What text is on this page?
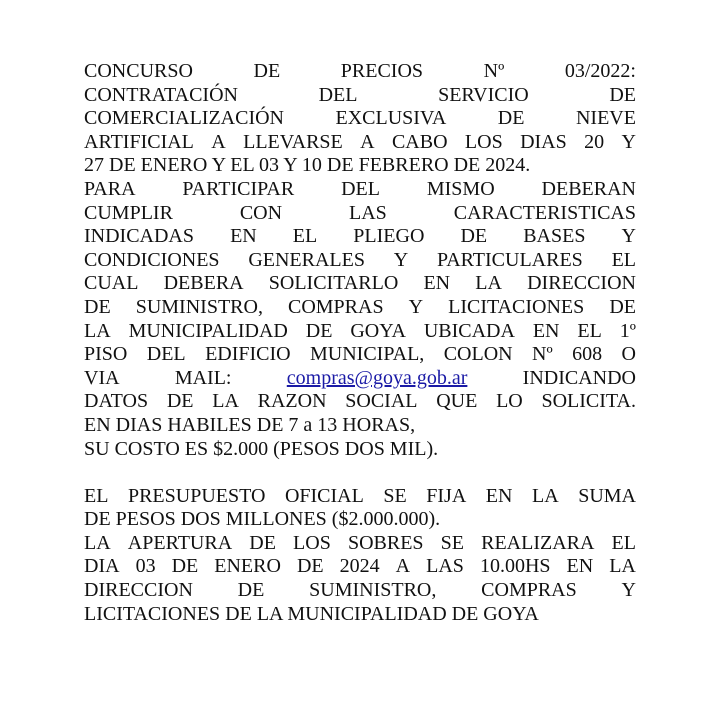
CONCURSO	DE	PRECIOS	Nº	03/2022:
CONTRATACIÓN	DEL	SERVICIO	DE
COMERCIALIZACIÓN	EXCLUSIVA	DE	NIEVE
ARTIFICIAL A LLEVARSE A CABO LOS DIAS 20 Y
27 DE ENERO Y EL 03 Y 10 DE FEBRERO DE 2024.
PARA PARTICIPAR DEL MISMO DEBERAN
CUMPLIR	CON	LAS	CARACTERISTICAS
INDICADAS EN EL PLIEGO DE BASES Y
CONDICIONES GENERALES Y PARTICULARES EL
CUAL DEBERA SOLICITARLO EN LA DIRECCION
DE SUMINISTRO, COMPRAS Y LICITACIONES DE
LA MUNICIPALIDAD DE GOYA UBICADA EN EL 1º
PISO DEL EDIFICIO MUNICIPAL, COLON Nº 608 O
VIA	MAIL:	compras@goya.gob.ar	INDICANDO
DATOS DE LA RAZON SOCIAL QUE LO SOLICITA.
EN DIAS HABILES DE 7 a 13 HORAS,
SU COSTO ES $2.000 (PESOS DOS MIL).
EL PRESUPUESTO OFICIAL SE FIJA EN LA SUMA
DE PESOS DOS MILLONES ($2.000.000).
LA APERTURA DE LOS SOBRES SE REALIZARA EL
DIA 03 DE ENERO DE 2024 A LAS 10.00HS EN LA
DIRECCION DE SUMINISTRO, COMPRAS Y
LICITACIONES DE LA MUNICIPALIDAD DE GOYA
